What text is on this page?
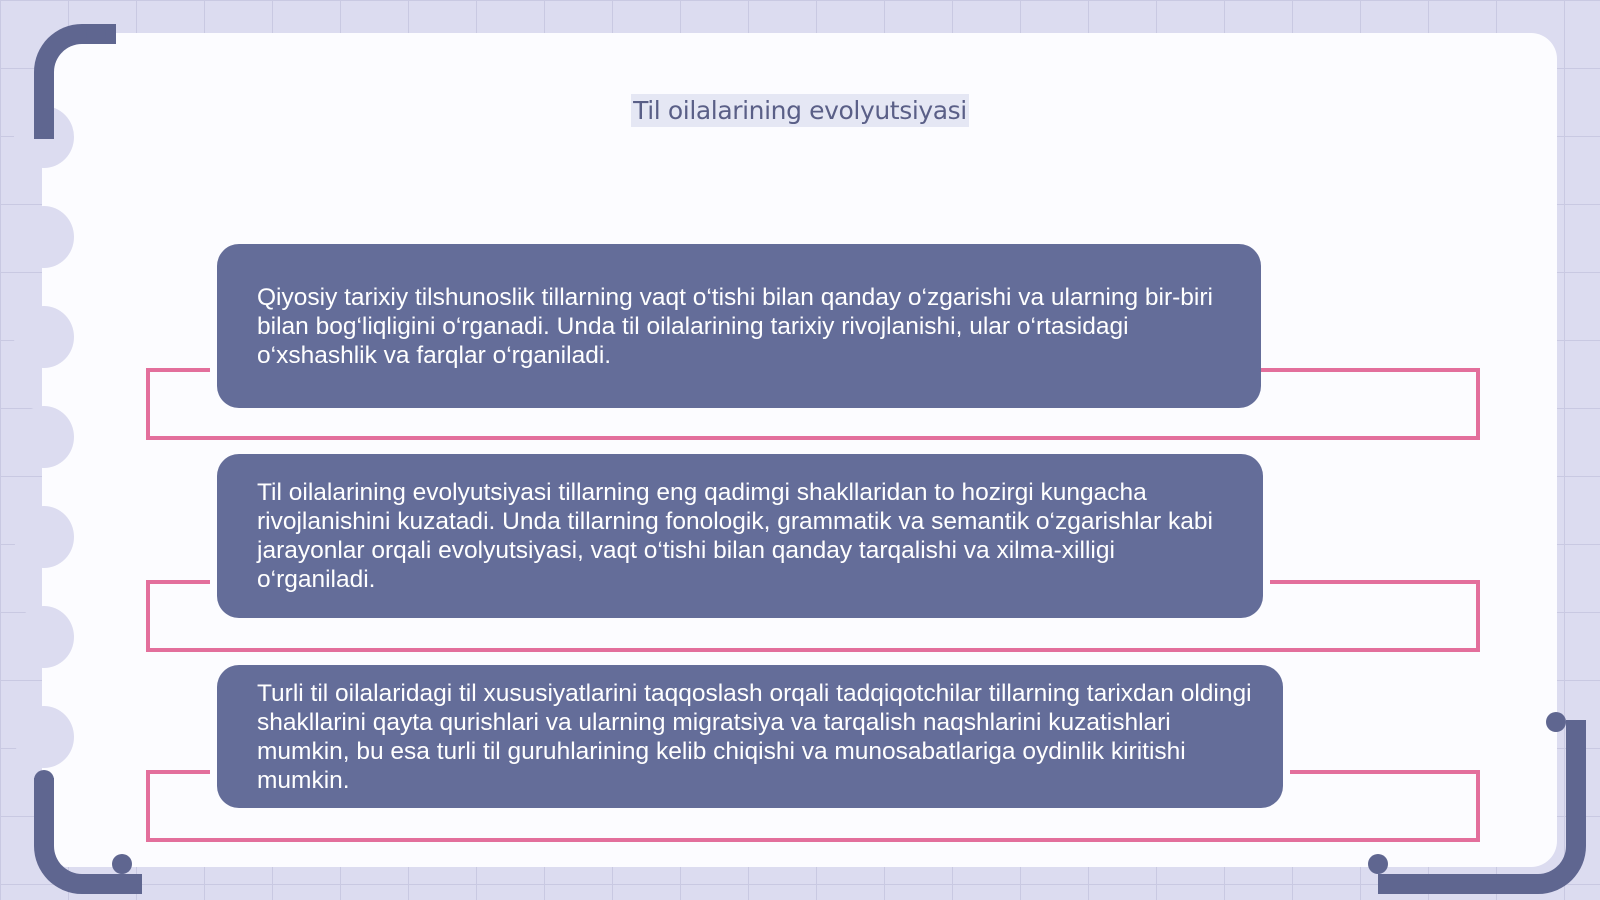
Til oilalarining evolyutsiyasi

Qiyosiy tarixiy tilshunoslik tillarning vaqt o‘tishi bilan qanday o‘zgarishi va ularning bir-biri bilan bog‘liqligini o‘rganadi. Unda til oilalarining tarixiy rivojlanishi, ular o‘rtasidagi o‘xshashlik va farqlar o‘rganiladi.

Til oilalarining evolyutsiyasi tillarning eng qadimgi shakllaridan to hozirgi kungacha rivojlanishini kuzatadi. Unda tillarning fonologik, grammatik va semantik o‘zgarishlar kabi jarayonlar orqali evolyutsiyasi, vaqt o‘tishi bilan qanday tarqalishi va xilma-xilligi o‘rganiladi.

Turli til oilalaridagi til xususiyatlarini taqqoslash orqali tadqiqotchilar tillarning tarixdan oldingi shakllarini qayta qurishlari va ularning migratsiya va tarqalish naqshlarini kuzatishlari mumkin, bu esa turli til guruhlarining kelib chiqishi va munosabatlariga oydinlik kiritishi mumkin.
